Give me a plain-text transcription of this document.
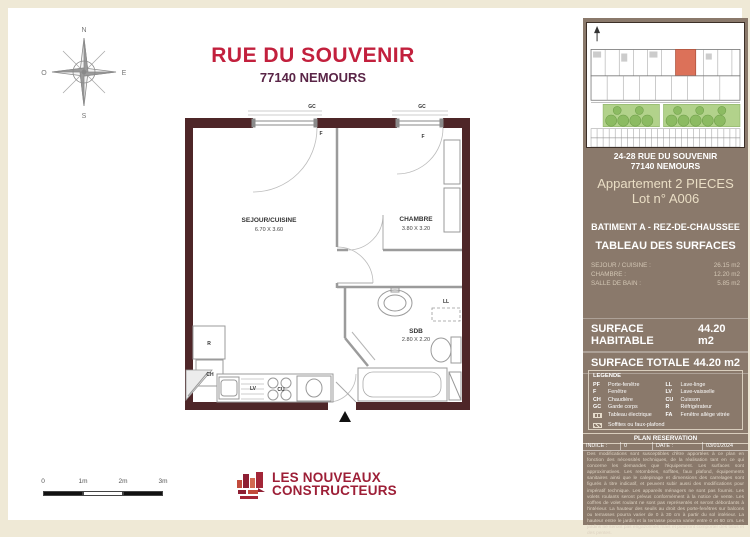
N
S
O	E
RUE DU SOUVENIR
77140 NEMOURS
GC	GC
F	F
SEJOUR/CUISINE
6.70 X 3.60
CHAMBRE
3.80 X 3.20
SDB
2.80 X 2.20
LL
R
CH
LV	CU
0	1m	2m	3m	LES NOUVEAUX
CONSTRUCTEURS
24-28 RUE DU SOUVENIR
77140 NEMOURS
Appartement 2 PIECES
Lot n° A006
BATIMENT A - REZ-DE-CHAUSSEE
TABLEAU DES SURFACES
SEJOUR / CUISINE :	26.15 m2
CHAMBRE :	12.20 m2
SALLE DE BAIN :	5.85 m2
SURFACE HABITABLE
44.20 m2
SURFACE TOTALE 44.20 m2
LEGENDE
PF	Porte-fenêtre
F	Fenêtre
CH	Chaudière
GC	Garde corps
Tableau électrique
Soffites ou faux-plafond
LL	Lave-linge
LV	Lave-vaisselle
CU	Cuisson
R	Réfrigérateur
FA	Fenêtre allège vitrée
PLAN RESERVATION
INDICE :	0	DATE :	03/01/2024
Des modifications sont susceptibles d'être apportées à ce plan en fonction des nécessités techniques, de la réalisation tant en ce qui concerne les demandes que l'équipement. Les surfaces sont approximatives. Les retombées, soffites, faux plafond, équipements sanitaires ainsi que le calepinage et dimensions des carrelages sont figurés à titre indicatif, et peuvent subir aussi des modifications pour impératif technique. Les appareils ménagers ne sont pas fournis. Les volets roulants seront prévus conformément à la notice de vente. Les coffres de volet roulant ne sont pas représentés et seront débordants à l'intérieur. La hauteur des seuils au droit des porte-fenêtres sur balcons ou terrasses pourra varier de 0 à 30 cm à partir du sol intérieur. La hauteur entre le jardin et la terrasse pourra varier entre 0 et 60 cm. Les jardins ne seront pas engazonnés mais et pourront comporter des talus et des pentes.
